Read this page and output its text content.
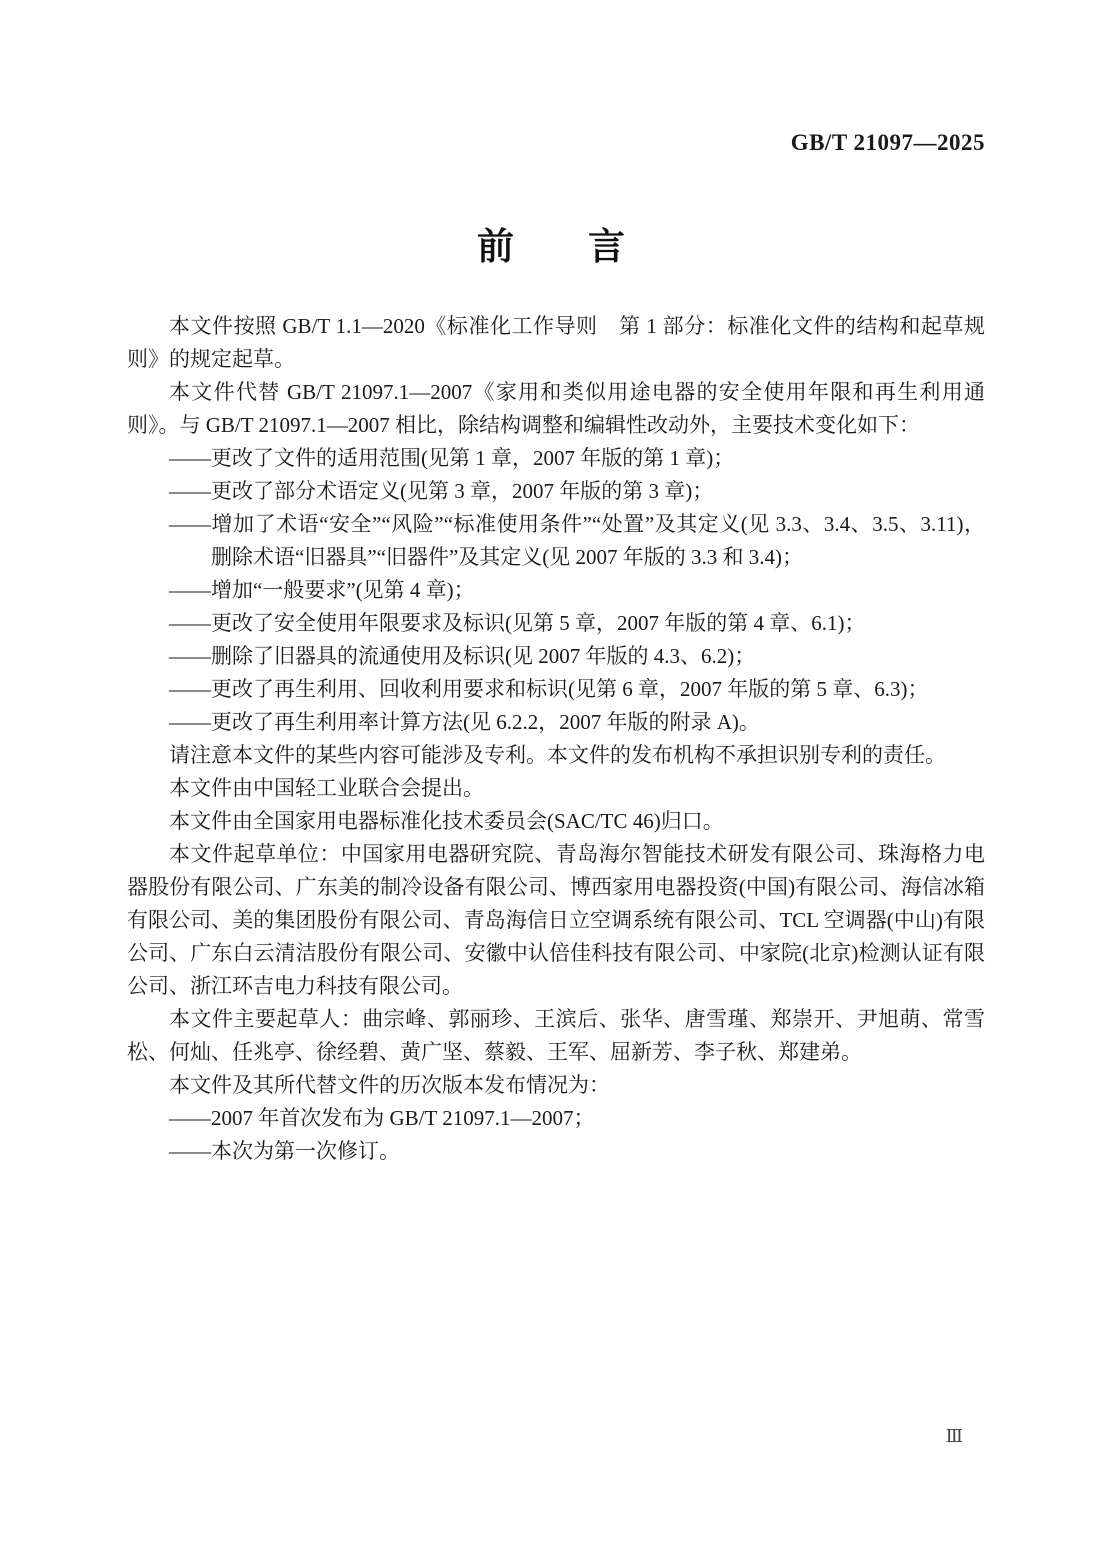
GB/T 21097—2025
前　　言

本文件按照 GB/T 1.1—2020《标准化工作导则　第 1 部分：标准化文件的结构和起草规则》的规定起草。

本文件代替 GB/T 21097.1—2007《家用和类似用途电器的安全使用年限和再生利用通则》。与 GB/T 21097.1—2007 相比，除结构调整和编辑性改动外，主要技术变化如下：

——更改了文件的适用范围(见第 1 章，2007 年版的第 1 章)；

——更改了部分术语定义(见第 3 章，2007 年版的第 3 章)；

——增加了术语“安全”“风险”“标准使用条件”“处置”及其定义(见 3.3、3.4、3.5、3.11)，删除术语“旧器具”“旧器件”及其定义(见 2007 年版的 3.3 和 3.4)；

——增加“一般要求”(见第 4 章)；

——更改了安全使用年限要求及标识(见第 5 章，2007 年版的第 4 章、6.1)；

——删除了旧器具的流通使用及标识(见 2007 年版的 4.3、6.2)；

——更改了再生利用、回收利用要求和标识(见第 6 章，2007 年版的第 5 章、6.3)；

——更改了再生利用率计算方法(见 6.2.2，2007 年版的附录 A)。

请注意本文件的某些内容可能涉及专利。本文件的发布机构不承担识别专利的责任。

本文件由中国轻工业联合会提出。

本文件由全国家用电器标准化技术委员会(SAC/TC 46)归口。

本文件起草单位：中国家用电器研究院、青岛海尔智能技术研发有限公司、珠海格力电器股份有限公司、广东美的制冷设备有限公司、博西家用电器投资(中国)有限公司、海信冰箱有限公司、美的集团股份有限公司、青岛海信日立空调系统有限公司、TCL 空调器(中山)有限公司、广东白云清洁股份有限公司、安徽中认倍佳科技有限公司、中家院(北京)检测认证有限公司、浙江环吉电力科技有限公司。

本文件主要起草人：曲宗峰、郭丽珍、王滨后、张华、唐雪瑾、郑崇开、尹旭萌、常雪松、何灿、任兆亭、徐经碧、黄广坚、蔡毅、王军、屈新芳、李子秋、郑建弟。

本文件及其所代替文件的历次版本发布情况为：

——2007 年首次发布为 GB/T 21097.1—2007；

——本次为第一次修订。

Ⅲ
